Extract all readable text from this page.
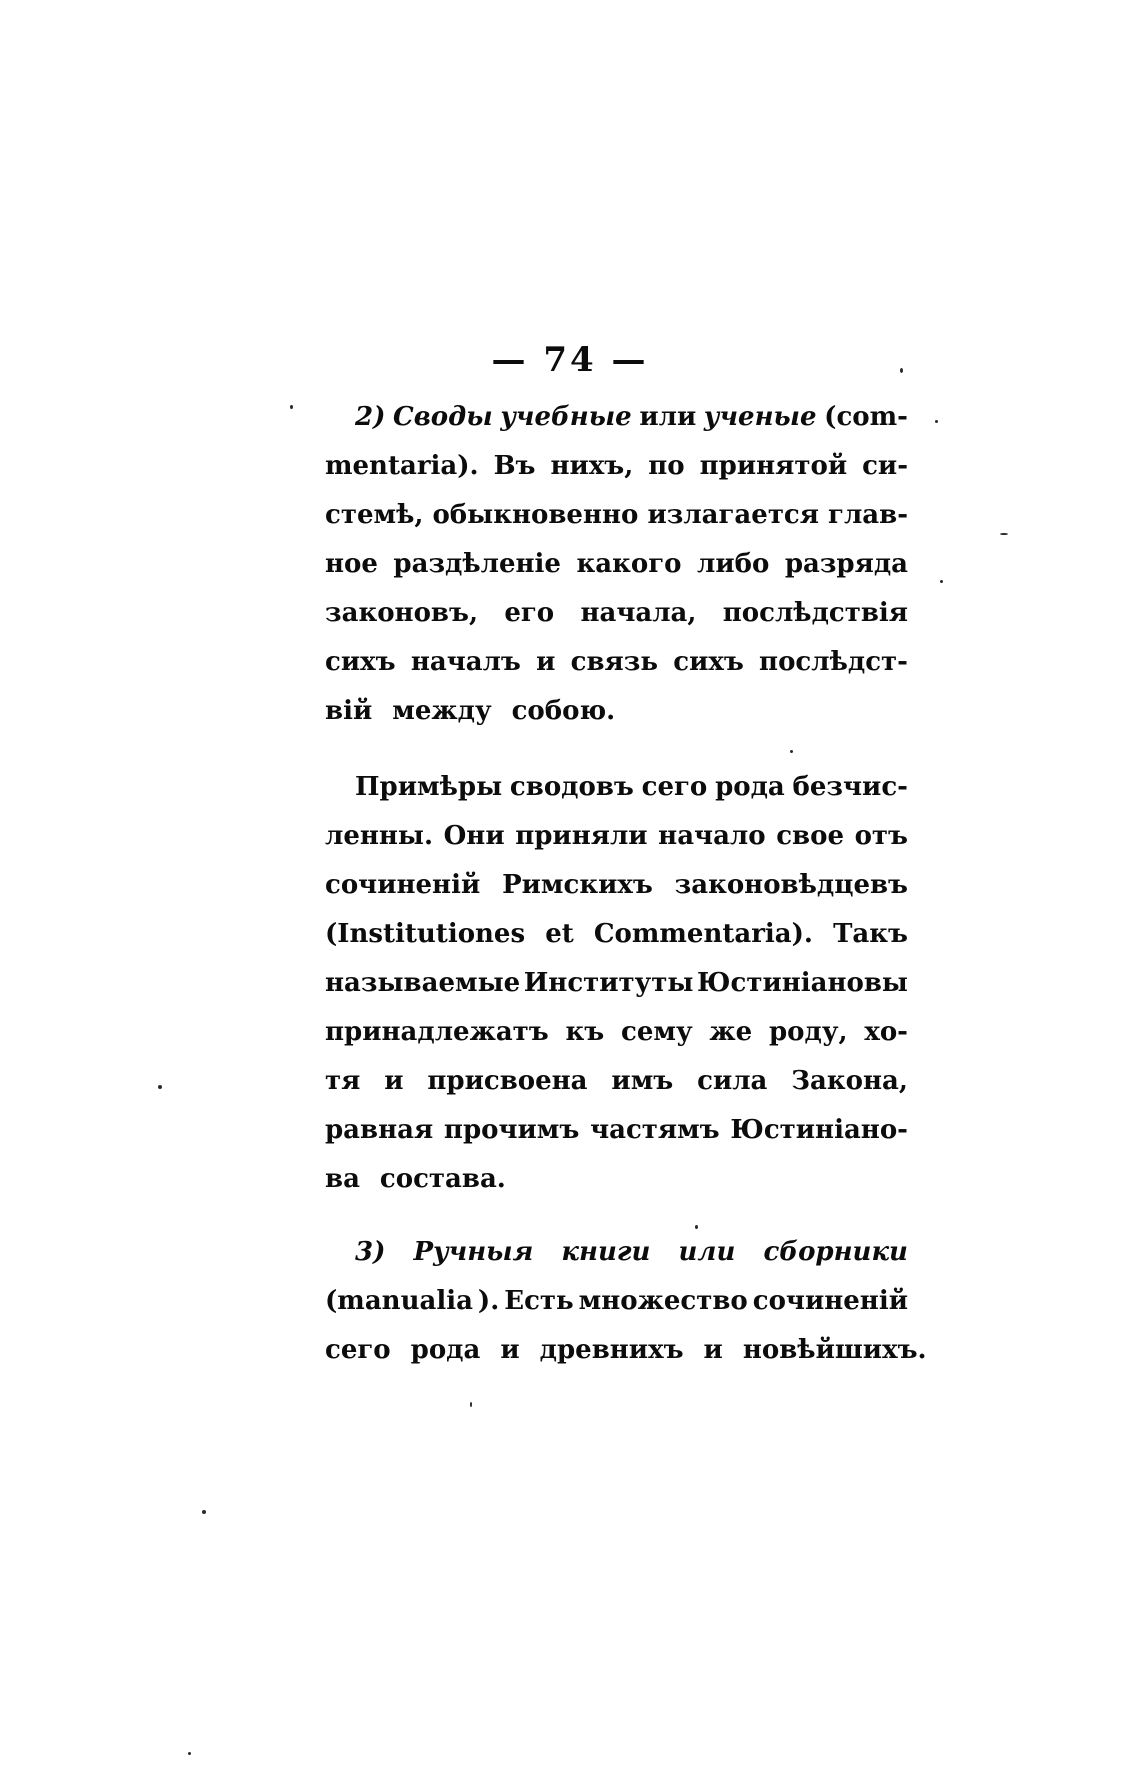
— 74 —
2) Своды учебные или ученые (com-
mentaria). Въ нихъ, по принятой си-
стемѣ, обыкновенно излагается глав-
ное раздѣленіе какого либо разряда
законовъ, его начала, послѣдствія
сихъ началъ и связь сихъ послѣдст-
вій между собою.
Примѣры сводовъ сего рода безчис-
ленны. Они приняли начало свое отъ
сочиненій Римскихъ законовѣдцевъ
(Institutiones et Commentaria). Такъ
называемые Институты Юстиніановы
принадлежатъ къ сему же роду, хо-
тя и присвоена имъ сила Закона,
равная прочимъ частямъ Юстиніано-
ва состава.
3) Ручныя книги или сборники
(manualia ). Есть множество сочиненій
сего рода и древнихъ и новѣйшихъ.
